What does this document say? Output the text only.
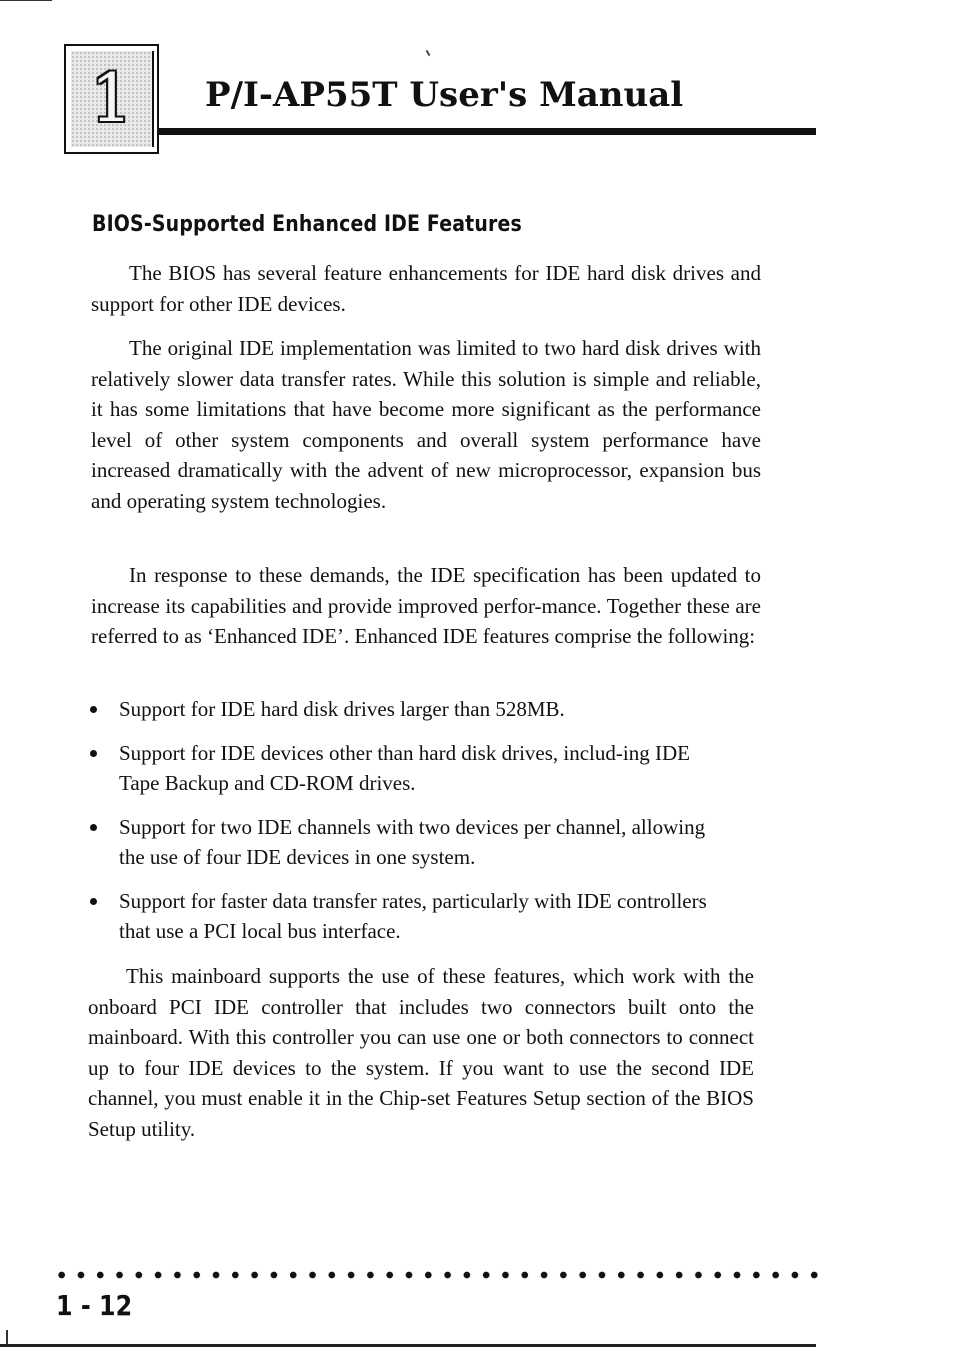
1	P/I-AP55T User's Manual
BIOS-Supported Enhanced IDE Features

The BIOS has several feature enhancements for IDE hard disk drives and support for other IDE devices.

The original IDE implementation was limited to two hard disk drives with relatively slower data transfer rates. While this solution is simple and reliable, it has some limitations that have become more significant as the performance level of other system components and overall system performance have increased dramatically with the advent of new microprocessor, expansion bus and operating system technologies.

In response to these demands, the IDE specification has been updated to increase its capabilities and provide improved perfor-mance. Together these are referred to as ‘Enhanced IDE’. Enhanced IDE features comprise the following:

Support for IDE hard disk drives larger than 528MB.
Support for IDE devices other than hard disk drives, includ-ing IDE Tape Backup and CD-ROM drives.
Support for two IDE channels with two devices per channel, allowing the use of four IDE devices in one system.
Support for faster data transfer rates, particularly with IDE controllers that use a PCI local bus interface.

This mainboard supports the use of these features, which work with the onboard PCI IDE controller that includes two connectors built onto the mainboard. With this controller you can use one or both connectors to connect up to four IDE devices to the system. If you want to use the second IDE channel, you must enable it in the Chip-set Features Setup section of the BIOS Setup utility.

1 - 12
